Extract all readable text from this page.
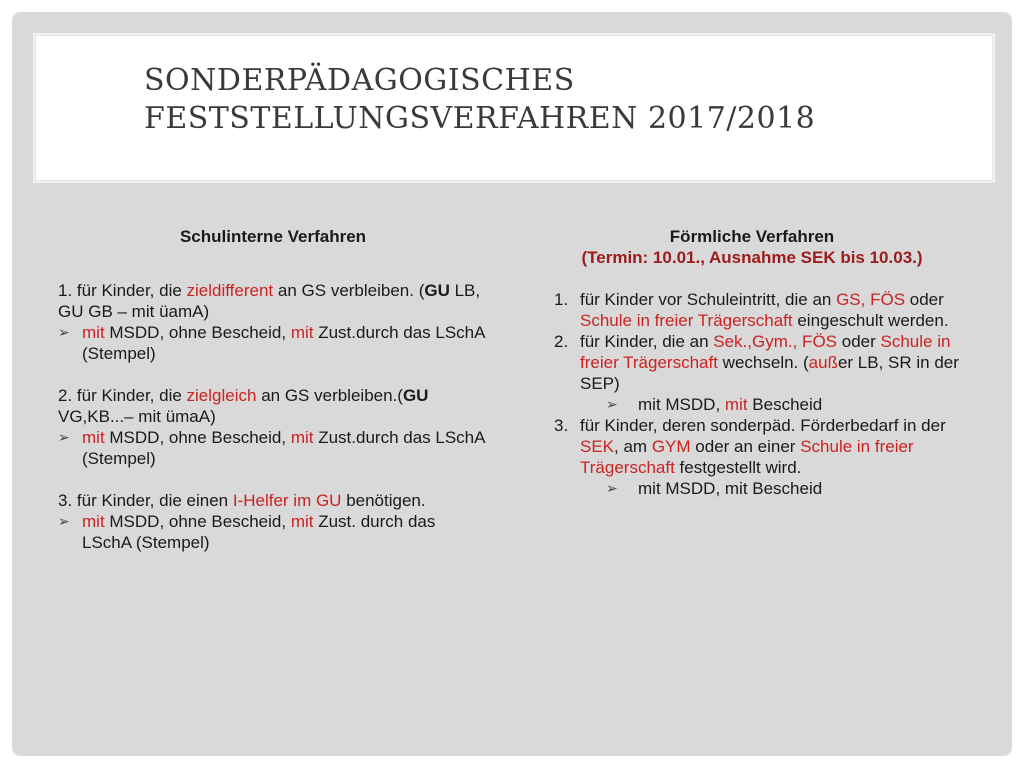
SONDERPÄDAGOGISCHES
FESTSTELLUNGSVERFAHREN 2017/2018

Schulinterne Verfahren

1. für Kinder, die zieldifferent an GS verbleiben. (GU LB, GU GB – mit üamA)

➢ mit MSDD, ohne Bescheid, mit Zust.durch das LSchA (Stempel)

2. für Kinder, die zielgleich an GS verbleiben.(GU VG,KB...– mit ümaA)

➢ mit MSDD, ohne Bescheid, mit Zust.durch das LSchA (Stempel)

3. für Kinder, die einen I-Helfer im GU benötigen.

➢ mit MSDD, ohne Bescheid, mit Zust. durch das LSchA (Stempel)

Förmliche Verfahren

(Termin: 10.01., Ausnahme SEK bis 10.03.)

1. für Kinder vor Schuleintritt, die an GS, FÖS oder Schule in freier Trägerschaft eingeschult werden.
2. für Kinder, die an Sek.,Gym., FÖS oder Schule in freier Trägerschaft wechseln. (außer LB, SR in der SEP)
➢	mit MSDD, mit Bescheid
3. für Kinder, deren sonderpäd. Förderbedarf in der SEK, am GYM oder an einer Schule in freier Trägerschaft festgestellt wird.
➢	mit MSDD, mit Bescheid
